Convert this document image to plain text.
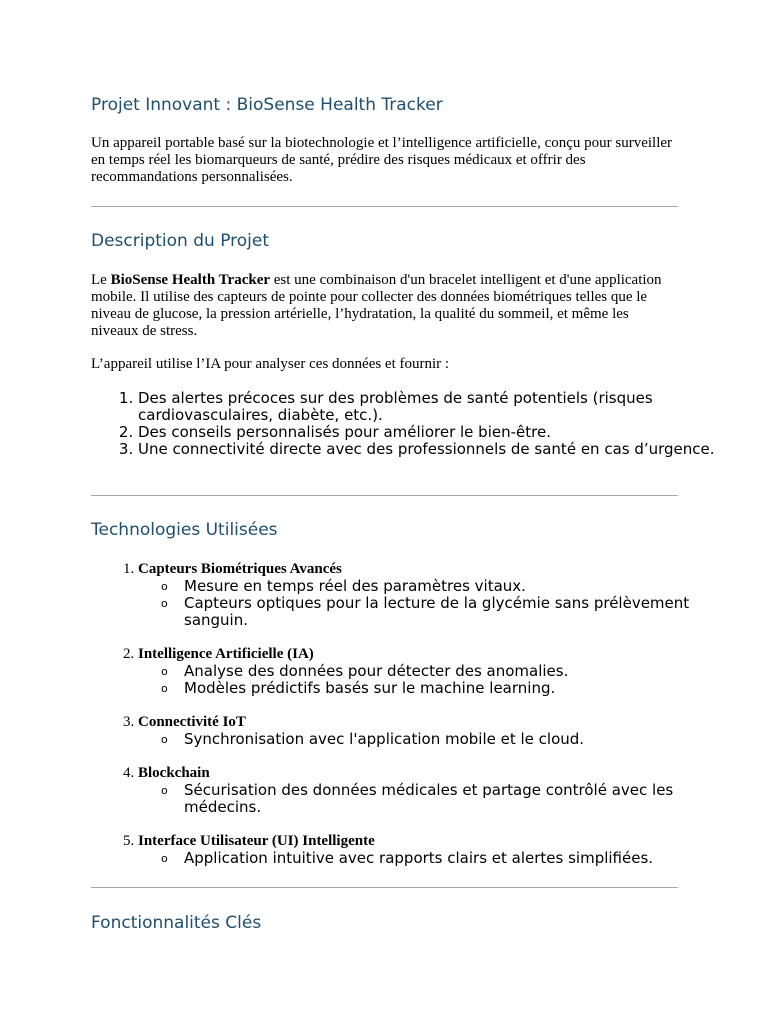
Projet Innovant : BioSense Health Tracker

Un appareil portable basé sur la biotechnologie et l’intelligence artificielle, conçu pour surveiller en temps réel les biomarqueurs de santé, prédire des risques médicaux et offrir des recommandations personnalisées.

Description du Projet

Le BioSense Health Tracker est une combinaison d'un bracelet intelligent et d'une application mobile. Il utilise des capteurs de pointe pour collecter des données biométriques telles que le niveau de glucose, la pression artérielle, l’hydratation, la qualité du sommeil, et même les niveaux de stress.

L’appareil utilise l’IA pour analyser ces données et fournir :

1. Des alertes précoces sur des problèmes de santé potentiels (risques cardiovasculaires, diabète, etc.).
2. Des conseils personnalisés pour améliorer le bien-être.
3. Une connectivité directe avec des professionnels de santé en cas d’urgence.
Technologies Utilisées
1. Capteurs Biométriques Avancés
o Mesure en temps réel des paramètres vitaux.
o Capteurs optiques pour la lecture de la glycémie sans prélèvement sanguin.
2. Intelligence Artificielle (IA)
o Analyse des données pour détecter des anomalies.
o Modèles prédictifs basés sur le machine learning.
3. Connectivité IoT
o Synchronisation avec l'application mobile et le cloud.
4. Blockchain
o Sécurisation des données médicales et partage contrôlé avec les médecins.
5. Interface Utilisateur (UI) Intelligente
o Application intuitive avec rapports clairs et alertes simplifiées.
Fonctionnalités Clés
